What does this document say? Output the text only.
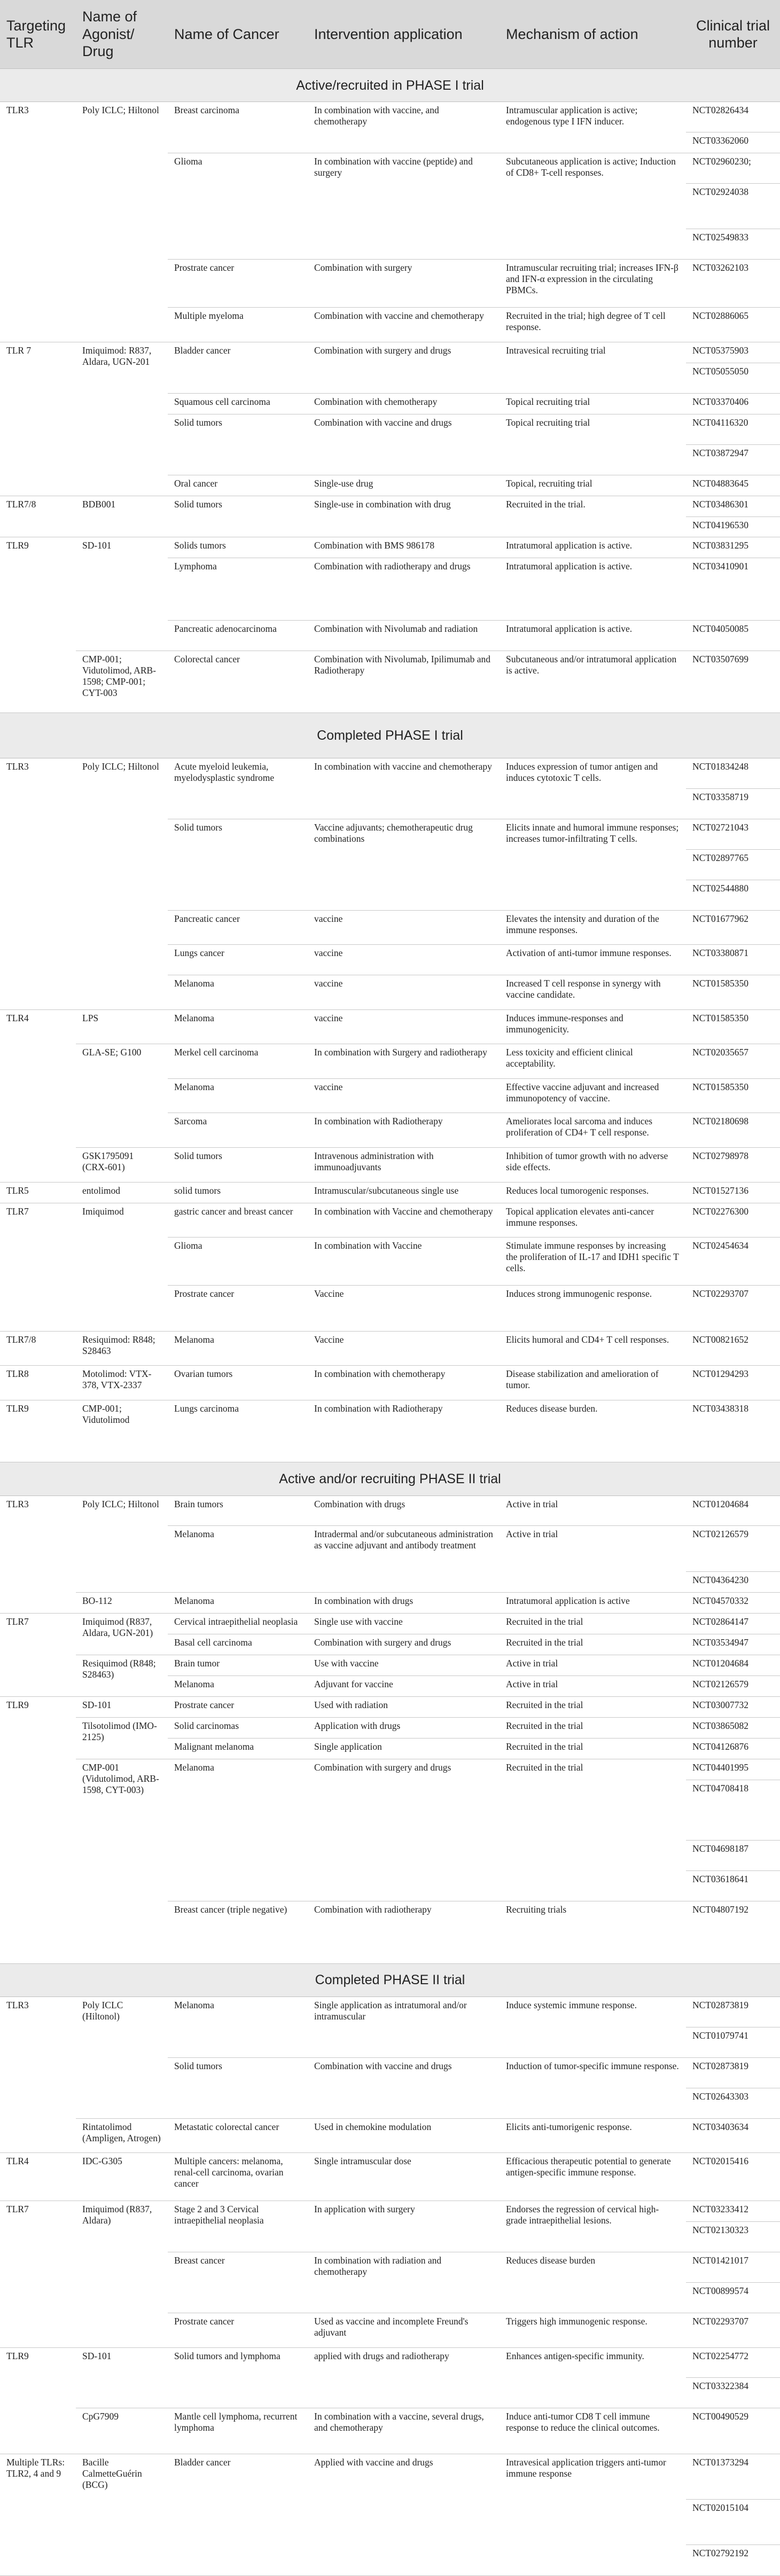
Targeting TLR	Name of Agonist/ Drug	Name of Cancer	Intervention application	Mechanism of action	Clinical trial number
Active/recruited in PHASE I trial					
TLR3	Poly ICLC; Hiltonol	Breast carcinoma	In combination with vaccine, and chemotherapy	Intramuscular application is active; endogenous type I IFN inducer.	NCT02826434
					NCT03362060
		Glioma	In combination with vaccine (peptide) and surgery	Subcutaneous application is active; Induction of CD8+ T-cell responses.	NCT02960230;
					NCT02924038
					NCT02549833
		Prostrate cancer	Combination with surgery	Intramuscular recruiting trial; increases IFN-β and IFN-α expression in the circulating PBMCs.	NCT03262103
		Multiple myeloma	Combination with vaccine and chemotherapy	Recruited in the trial; high degree of T cell response.	NCT02886065
TLR 7	Imiquimod: R837, Aldara, UGN-201	Bladder cancer	Combination with surgery and drugs	Intravesical recruiting trial	NCT05375903
					NCT05055050
		Squamous cell carcinoma	Combination with chemotherapy	Topical recruiting trial	NCT03370406
		Solid tumors	Combination with vaccine and drugs	Topical recruiting trial	NCT04116320
					NCT03872947
		Oral cancer	Single-use drug	Topical, recruiting trial	NCT04883645
TLR7/8	BDB001	Solid tumors	Single-use in combination with drug	Recruited in the trial.	NCT03486301
					NCT04196530
TLR9	SD-101	Solids tumors	Combination with BMS 986178	Intratumoral application is active.	NCT03831295
		Lymphoma	Combination with radiotherapy and drugs	Intratumoral application is active.	NCT03410901
		Pancreatic adenocarcinoma	Combination with Nivolumab and radiation	Intratumoral application is active.	NCT04050085
	CMP-001; Vidutolimod, ARB-1598; CMP-001; CYT-003	Colorectal cancer	Combination with Nivolumab, Ipilimumab and Radiotherapy	Subcutaneous and/or intratumoral application is active.	NCT03507699
Completed PHASE I trial					
TLR3	Poly ICLC; Hiltonol	Acute myeloid leukemia, myelodysplastic syndrome	In combination with vaccine and chemotherapy	Induces expression of tumor antigen and induces cytotoxic T cells.	NCT01834248
					NCT03358719
		Solid tumors	Vaccine adjuvants; chemotherapeutic drug combinations	Elicits innate and humoral immune responses; increases tumor-infiltrating T cells.	NCT02721043
					NCT02897765
					NCT02544880
		Pancreatic cancer	vaccine	Elevates the intensity and duration of the immune responses.	NCT01677962
		Lungs cancer	vaccine	Activation of anti-tumor immune responses.	NCT03380871
		Melanoma	vaccine	Increased T cell response in synergy with vaccine candidate.	NCT01585350
TLR4	LPS	Melanoma	vaccine	Induces immune-responses and immunogenicity.	NCT01585350
	GLA-SE; G100	Merkel cell carcinoma	In combination with Surgery and radiotherapy	Less toxicity and efficient clinical acceptability.	NCT02035657
		Melanoma	vaccine	Effective vaccine adjuvant and increased immunopotency of vaccine.	NCT01585350
		Sarcoma	In combination with Radiotherapy	Ameliorates local sarcoma and induces proliferation of CD4+ T cell response.	NCT02180698
	GSK1795091 (CRX-601)	Solid tumors	Intravenous administration with immunoadjuvants	Inhibition of tumor growth with no adverse side effects.	NCT02798978
TLR5	entolimod	solid tumors	Intramuscular/subcutaneous single use	Reduces local tumorogenic responses.	NCT01527136
TLR7	Imiquimod	gastric cancer and breast cancer	In combination with Vaccine and chemotherapy	Topical application elevates anti-cancer immune responses.	NCT02276300
		Glioma	In combination with Vaccine	Stimulate immune responses by increasing the proliferation of IL-17 and IDH1 specific T cells.	NCT02454634
		Prostrate cancer	Vaccine	Induces strong immunogenic response.	NCT02293707
TLR7/8	Resiquimod: R848; S28463	Melanoma	Vaccine	Elicits humoral and CD4+ T cell responses.	NCT00821652
TLR8	Motolimod: VTX-378, VTX-2337	Ovarian tumors	In combination with chemotherapy	Disease stabilization and amelioration of tumor.	NCT01294293
TLR9	CMP-001; Vidutolimod	Lungs carcinoma	In combination with Radiotherapy	Reduces disease burden.	NCT03438318
Active and/or recruiting PHASE II trial					
TLR3	Poly ICLC; Hiltonol	Brain tumors	Combination with drugs	Active in trial	NCT01204684
		Melanoma	Intradermal and/or subcutaneous administration as vaccine adjuvant and antibody treatment	Active in trial	NCT02126579
					NCT04364230
	BO-112	Melanoma	In combination with drugs	Intratumoral application is active	NCT04570332
TLR7	Imiquimod (R837, Aldara, UGN-201)	Cervical intraepithelial neoplasia	Single use with vaccine	Recruited in the trial	NCT02864147
		Basal cell carcinoma	Combination with surgery and drugs	Recruited in the trial	NCT03534947
	Resiquimod (R848; S28463)	Brain tumor	Use with vaccine	Active in trial	NCT01204684
		Melanoma	Adjuvant for vaccine	Active in trial	NCT02126579
TLR9	SD-101	Prostrate cancer	Used with radiation	Recruited in the trial	NCT03007732
	Tilsotolimod (IMO-2125)	Solid carcinomas	Application with drugs	Recruited in the trial	NCT03865082
		Malignant melanoma	Single application	Recruited in the trial	NCT04126876
	CMP-001 (Vidutolimod, ARB-1598, CYT-003)	Melanoma	Combination with surgery and drugs	Recruited in the trial	NCT04401995
					NCT04708418
					NCT04698187
					NCT03618641
		Breast cancer (triple negative)	Combination with radiotherapy	Recruiting trials	NCT04807192
Completed PHASE II trial					
TLR3	Poly ICLC (Hiltonol)	Melanoma	Single application as intratumoral and/or intramuscular	Induce systemic immune response.	NCT02873819
					NCT01079741
		Solid tumors	Combination with vaccine and drugs	Induction of tumor-specific immune response.	NCT02873819
					NCT02643303
	Rintatolimod (Ampligen, Atrogen)	Metastatic colorectal cancer	Used in chemokine modulation	Elicits anti-tumorigenic response.	NCT03403634
TLR4	IDC-G305	Multiple cancers: melanoma, renal-cell carcinoma, ovarian cancer	Single intramuscular dose	Efficacious therapeutic potential to generate antigen-specific immune response.	NCT02015416
TLR7	Imiquimod (R837, Aldara)	Stage 2 and 3 Cervical intraepithelial neoplasia	In application with surgery	Endorses the regression of cervical high-grade intraepithelial lesions.	NCT03233412
					NCT02130323
		Breast cancer	In combination with radiation and chemotherapy	Reduces disease burden	NCT01421017
					NCT00899574
		Prostrate cancer	Used as vaccine and incomplete Freund's adjuvant	Triggers high immunogenic response.	NCT02293707
TLR9	SD-101	Solid tumors and lymphoma	applied with drugs and radiotherapy	Enhances antigen-specific immunity.	NCT02254772
					NCT03322384
	CpG7909	Mantle cell lymphoma, recurrent lymphoma	In combination with a vaccine, several drugs, and chemotherapy	Induce anti-tumor CD8 T cell immune response to reduce the clinical outcomes.	NCT00490529
Multiple TLRs: TLR2, 4 and 9	Bacille CalmetteGuérin (BCG)	Bladder cancer	Applied with vaccine and drugs	Intravesical application triggers anti-tumor immune response	NCT01373294
					NCT02015104
					NCT02792192
